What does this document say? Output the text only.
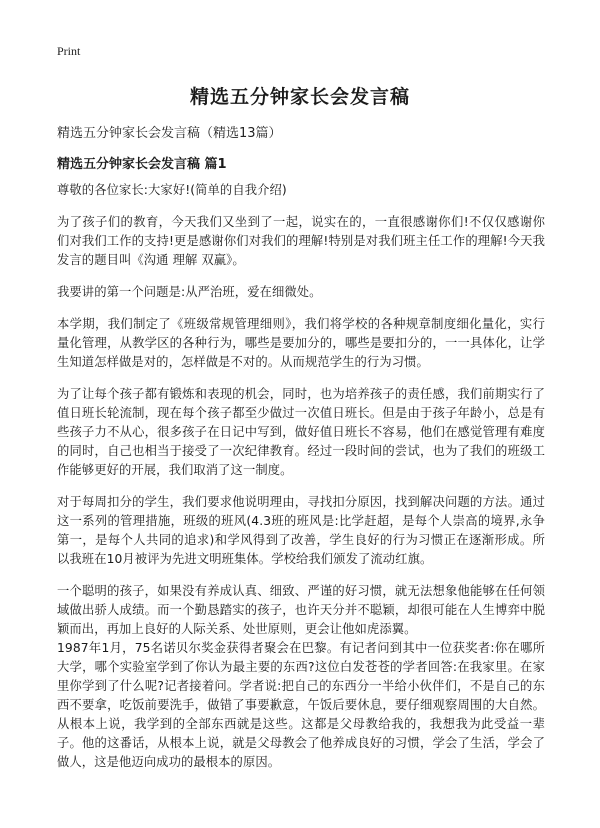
Print
精选五分钟家长会发言稿
精选五分钟家长会发言稿（精选13篇）
精选五分钟家长会发言稿 篇1

尊敬的各位家长:大家好!(简单的自我介绍)

为了孩子们的教育，今天我们又坐到了一起，说实在的，一直很感谢你们!不仅仅感谢你们对我们工作的支持!更是感谢你们对我们的理解!特别是对我们班主任工作的理解!今天我发言的题目叫《沟通 理解 双赢》。

我要讲的第一个问题是:从严治班，爱在细微处。

本学期，我们制定了《班级常规管理细则》，我们将学校的各种规章制度细化量化，实行量化管理，从教学区的各种行为，哪些是要加分的，哪些是要扣分的，一一具体化，让学生知道怎样做是对的，怎样做是不对的。从而规范学生的行为习惯。

为了让每个孩子都有锻炼和表现的机会，同时，也为培养孩子的责任感，我们前期实行了值日班长轮流制，现在每个孩子都至少做过一次值日班长。但是由于孩子年龄小，总是有些孩子力不从心，很多孩子在日记中写到，做好值日班长不容易，他们在感觉管理有难度的同时，自己也相当于接受了一次纪律教育。经过一段时间的尝试，也为了我们的班级工作能够更好的开展，我们取消了这一制度。

对于每周扣分的学生，我们要求他说明理由，寻找扣分原因，找到解决问题的方法。通过这一系列的管理措施，班级的班风(4.3班的班风是:比学赶超，是每个人崇高的境界,永争第一，是每个人共同的追求)和学风得到了改善，学生良好的行为习惯正在逐渐形成。所以我班在10月被评为先进文明班集体。学校给我们颁发了流动红旗。

一个聪明的孩子，如果没有养成认真、细致、严谨的好习惯，就无法想象他能够在任何领域做出骄人成绩。而一个勤恳踏实的孩子，也许天分并不聪颖，却很可能在人生博弈中脱颖而出，再加上良好的人际关系、处世原则，更会让他如虎添翼。

1987年1月，75名诺贝尔奖金获得者聚会在巴黎。有记者问到其中一位获奖者:你在哪所大学，哪个实验室学到了你认为最主要的东西?这位白发苍苍的学者回答:在我家里。在家里你学到了什么呢?记者接着问。学者说:把自己的东西分一半给小伙伴们，不是自己的东西不要拿，吃饭前要洗手，做错了事要歉意，午饭后要休息，要仔细观察周围的大自然。从根本上说，我学到的全部东西就是这些。这都是父母教给我的，我想我为此受益一辈子。他的这番话，从根本上说，就是父母教会了他养成良好的习惯，学会了生活，学会了做人，这是他迈向成功的最根本的原因。
